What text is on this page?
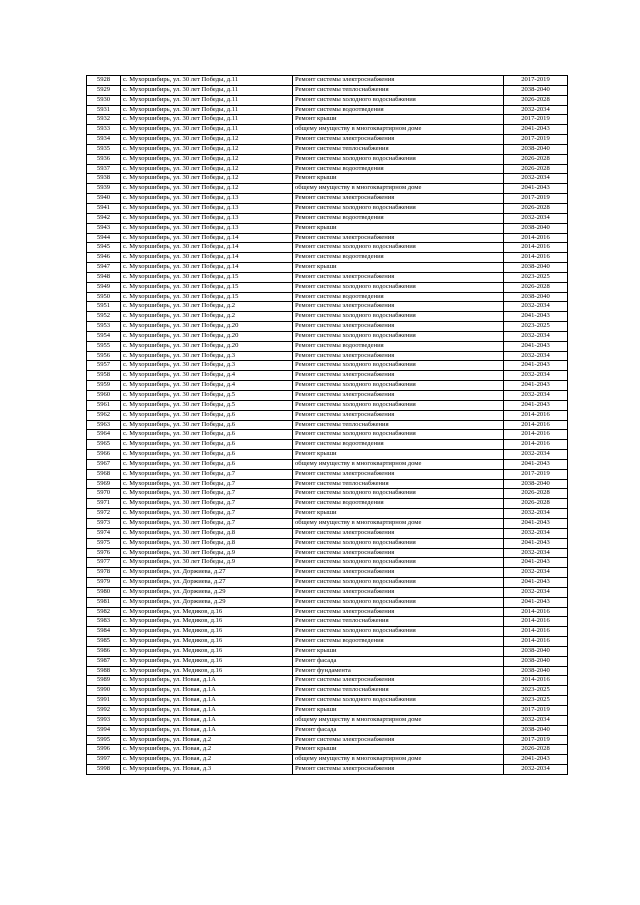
5928	с. Мухоршибирь, ул. 30 лет Победы, д.11	Ремонт системы электроснабжения	2017-2019
5929	с. Мухоршибирь, ул. 30 лет Победы, д.11	Ремонт системы теплоснабжения	2038-2040
5930	с. Мухоршибирь, ул. 30 лет Победы, д.11	Ремонт системы холодного водоснабжения	2026-2028
5931	с. Мухоршибирь, ул. 30 лет Победы, д.11	Ремонт системы водоотведения	2032-2034
5932	с. Мухоршибирь, ул. 30 лет Победы, д.11	Ремонт крыши	2017-2019
5933	с. Мухоршибирь, ул. 30 лет Победы, д.11	общему имуществу в многоквартирном доме	2041-2043
5934	с. Мухоршибирь, ул. 30 лет Победы, д.12	Ремонт системы электроснабжения	2017-2019
5935	с. Мухоршибирь, ул. 30 лет Победы, д.12	Ремонт системы теплоснабжения	2038-2040
5936	с. Мухоршибирь, ул. 30 лет Победы, д.12	Ремонт системы холодного водоснабжения	2026-2028
5937	с. Мухоршибирь, ул. 30 лет Победы, д.12	Ремонт системы водоотведения	2026-2028
5938	с. Мухоршибирь, ул. 30 лет Победы, д.12	Ремонт крыши	2032-2034
5939	с. Мухоршибирь, ул. 30 лет Победы, д.12	общему имуществу в многоквартирном доме	2041-2043
5940	с. Мухоршибирь, ул. 30 лет Победы, д.13	Ремонт системы электроснабжения	2017-2019
5941	с. Мухоршибирь, ул. 30 лет Победы, д.13	Ремонт системы холодного водоснабжения	2026-2028
5942	с. Мухоршибирь, ул. 30 лет Победы, д.13	Ремонт системы водоотведения	2032-2034
5943	с. Мухоршибирь, ул. 30 лет Победы, д.13	Ремонт крыши	2038-2040
5944	с. Мухоршибирь, ул. 30 лет Победы, д.14	Ремонт системы электроснабжения	2014-2016
5945	с. Мухоршибирь, ул. 30 лет Победы, д.14	Ремонт системы холодного водоснабжения	2014-2016
5946	с. Мухоршибирь, ул. 30 лет Победы, д.14	Ремонт системы водоотведения	2014-2016
5947	с. Мухоршибирь, ул. 30 лет Победы, д.14	Ремонт крыши	2038-2040
5948	с. Мухоршибирь, ул. 30 лет Победы, д.15	Ремонт системы электроснабжения	2023-2025
5949	с. Мухоршибирь, ул. 30 лет Победы, д.15	Ремонт системы холодного водоснабжения	2026-2028
5950	с. Мухоршибирь, ул. 30 лет Победы, д.15	Ремонт системы водоотведения	2038-2040
5951	с. Мухоршибирь, ул. 30 лет Победы, д.2	Ремонт системы электроснабжения	2032-2034
5952	с. Мухоршибирь, ул. 30 лет Победы, д.2	Ремонт системы холодного водоснабжения	2041-2043
5953	с. Мухоршибирь, ул. 30 лет Победы, д.20	Ремонт системы электроснабжения	2023-2025
5954	с. Мухоршибирь, ул. 30 лет Победы, д.20	Ремонт системы холодного водоснабжения	2032-2034
5955	с. Мухоршибирь, ул. 30 лет Победы, д.20	Ремонт системы водоотведения	2041-2043
5956	с. Мухоршибирь, ул. 30 лет Победы, д.3	Ремонт системы электроснабжения	2032-2034
5957	с. Мухоршибирь, ул. 30 лет Победы, д.3	Ремонт системы холодного водоснабжения	2041-2043
5958	с. Мухоршибирь, ул. 30 лет Победы, д.4	Ремонт системы электроснабжения	2032-2034
5959	с. Мухоршибирь, ул. 30 лет Победы, д.4	Ремонт системы холодного водоснабжения	2041-2043
5960	с. Мухоршибирь, ул. 30 лет Победы, д.5	Ремонт системы электроснабжения	2032-2034
5961	с. Мухоршибирь, ул. 30 лет Победы, д.5	Ремонт системы холодного водоснабжения	2041-2043
5962	с. Мухоршибирь, ул. 30 лет Победы, д.6	Ремонт системы электроснабжения	2014-2016
5963	с. Мухоршибирь, ул. 30 лет Победы, д.6	Ремонт системы теплоснабжения	2014-2016
5964	с. Мухоршибирь, ул. 30 лет Победы, д.6	Ремонт системы холодного водоснабжения	2014-2016
5965	с. Мухоршибирь, ул. 30 лет Победы, д.6	Ремонт системы водоотведения	2014-2016
5966	с. Мухоршибирь, ул. 30 лет Победы, д.6	Ремонт крыши	2032-2034
5967	с. Мухоршибирь, ул. 30 лет Победы, д.6	общему имуществу в многоквартирном доме	2041-2043
5968	с. Мухоршибирь, ул. 30 лет Победы, д.7	Ремонт системы электроснабжения	2017-2019
5969	с. Мухоршибирь, ул. 30 лет Победы, д.7	Ремонт системы теплоснабжения	2038-2040
5970	с. Мухоршибирь, ул. 30 лет Победы, д.7	Ремонт системы холодного водоснабжения	2026-2028
5971	с. Мухоршибирь, ул. 30 лет Победы, д.7	Ремонт системы водоотведения	2026-2028
5972	с. Мухоршибирь, ул. 30 лет Победы, д.7	Ремонт крыши	2032-2034
5973	с. Мухоршибирь, ул. 30 лет Победы, д.7	общему имуществу в многоквартирном доме	2041-2043
5974	с. Мухоршибирь, ул. 30 лет Победы, д.8	Ремонт системы электроснабжения	2032-2034
5975	с. Мухоршибирь, ул. 30 лет Победы, д.8	Ремонт системы холодного водоснабжения	2041-2043
5976	с. Мухоршибирь, ул. 30 лет Победы, д.9	Ремонт системы электроснабжения	2032-2034
5977	с. Мухоршибирь, ул. 30 лет Победы, д.9	Ремонт системы холодного водоснабжения	2041-2043
5978	с. Мухоршибирь, ул. Доржиева, д.27	Ремонт системы электроснабжения	2032-2034
5979	с. Мухоршибирь, ул. Доржиева, д.27	Ремонт системы холодного водоснабжения	2041-2043
5980	с. Мухоршибирь, ул. Доржиева, д.29	Ремонт системы электроснабжения	2032-2034
5981	с. Мухоршибирь, ул. Доржиева, д.29	Ремонт системы холодного водоснабжения	2041-2043
5982	с. Мухоршибирь, ул. Медиков, д.16	Ремонт системы электроснабжения	2014-2016
5983	с. Мухоршибирь, ул. Медиков, д.16	Ремонт системы теплоснабжения	2014-2016
5984	с. Мухоршибирь, ул. Медиков, д.16	Ремонт системы холодного водоснабжения	2014-2016
5985	с. Мухоршибирь, ул. Медиков, д.16	Ремонт системы водоотведения	2014-2016
5986	с. Мухоршибирь, ул. Медиков, д.16	Ремонт крыши	2038-2040
5987	с. Мухоршибирь, ул. Медиков, д.16	Ремонт фасада	2038-2040
5988	с. Мухоршибирь, ул. Медиков, д.16	Ремонт фундамента	2038-2040
5989	с. Мухоршибирь, ул. Новая, д.1А	Ремонт системы электроснабжения	2014-2016
5990	с. Мухоршибирь, ул. Новая, д.1А	Ремонт системы теплоснабжения	2023-2025
5991	с. Мухоршибирь, ул. Новая, д.1А	Ремонт системы холодного водоснабжения	2023-2025
5992	с. Мухоршибирь, ул. Новая, д.1А	Ремонт крыши	2017-2019
5993	с. Мухоршибирь, ул. Новая, д.1А	общему имуществу в многоквартирном доме	2032-2034
5994	с. Мухоршибирь, ул. Новая, д.1А	Ремонт фасада	2038-2040
5995	с. Мухоршибирь, ул. Новая, д.2	Ремонт системы электроснабжения	2017-2019
5996	с. Мухоршибирь, ул. Новая, д.2	Ремонт крыши	2026-2028
5997	с. Мухоршибирь, ул. Новая, д.2	общему имуществу в многоквартирном доме	2041-2043
5998	с. Мухоршибирь, ул. Новая, д.3	Ремонт системы электроснабжения	2032-2034
